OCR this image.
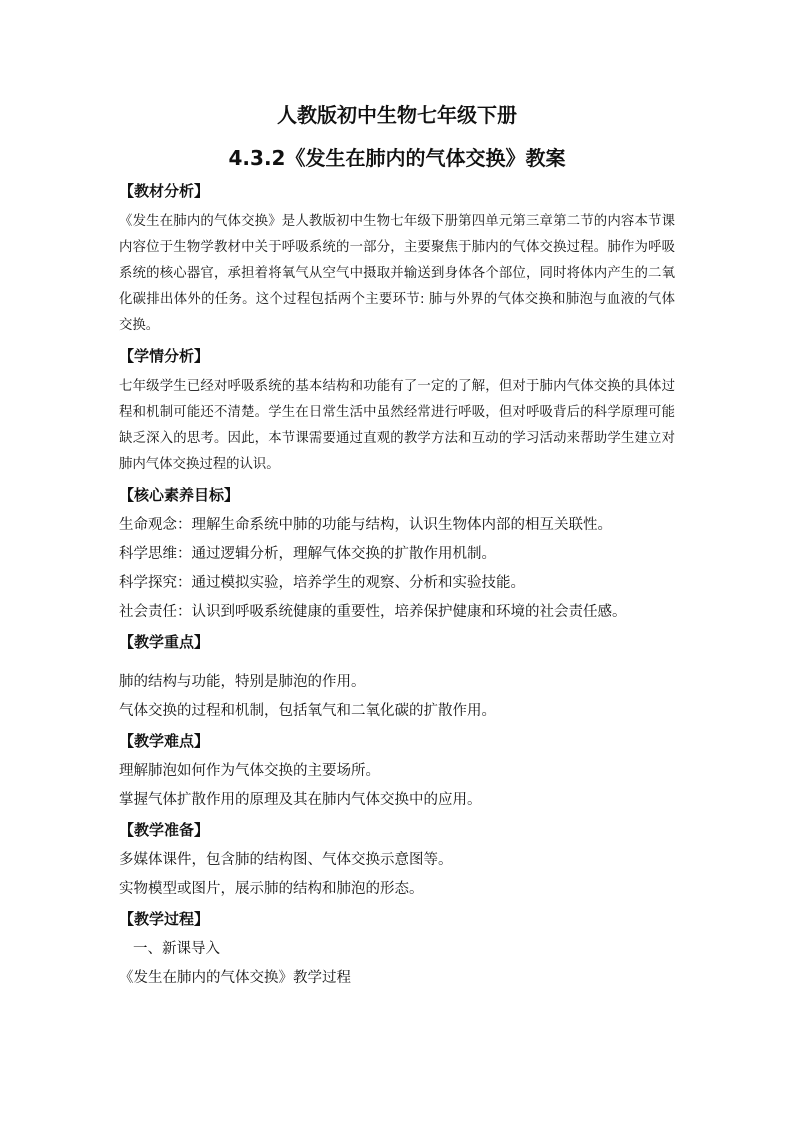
人教版初中生物七年级下册
4.3.2《发生在肺内的气体交换》教案
【教材分析】
《发生在肺内的气体交换》是人教版初中生物七年级下册第四单元第三章第二节的内容本节课内容位于生物学教材中关于呼吸系统的一部分，主要聚焦于肺内的气体交换过程。肺作为呼吸系统的核心器官，承担着将氧气从空气中摄取并输送到身体各个部位，同时将体内产生的二氧化碳排出体外的任务。这个过程包括两个主要环节: 肺与外界的气体交换和肺泡与血液的气体交换。
【学情分析】
七年级学生已经对呼吸系统的基本结构和功能有了一定的了解，但对于肺内气体交换的具体过程和机制可能还不清楚。学生在日常生活中虽然经常进行呼吸，但对呼吸背后的科学原理可能缺乏深入的思考。因此，本节课需要通过直观的教学方法和互动的学习活动来帮助学生建立对肺内气体交换过程的认识。
【核心素养目标】
生命观念：理解生命系统中肺的功能与结构，认识生物体内部的相互关联性。
科学思维：通过逻辑分析，理解气体交换的扩散作用机制。
科学探究：通过模拟实验，培养学生的观察、分析和实验技能。
社会责任：认识到呼吸系统健康的重要性，培养保护健康和环境的社会责任感。
【教学重点】
肺的结构与功能，特别是肺泡的作用。
气体交换的过程和机制，包括氧气和二氧化碳的扩散作用。
【教学难点】
理解肺泡如何作为气体交换的主要场所。
掌握气体扩散作用的原理及其在肺内气体交换中的应用。
【教学准备】
多媒体课件，包含肺的结构图、气体交换示意图等。
实物模型或图片，展示肺的结构和肺泡的形态。
【教学过程】
一、新课导入
《发生在肺内的气体交换》教学过程
